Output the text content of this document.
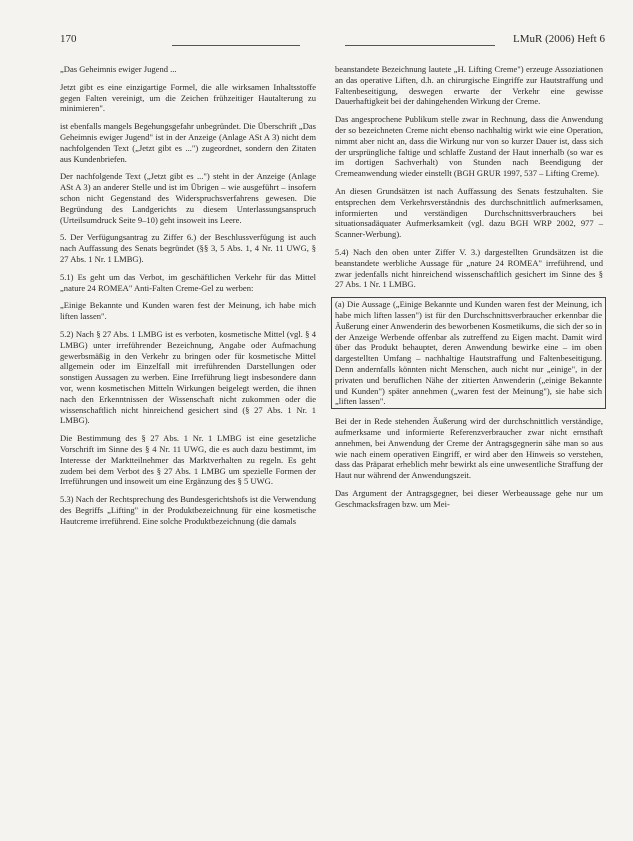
170	LMuR (2006) Heft 6

„Das Geheimnis ewiger Jugend ...

Jetzt gibt es eine einzigartige Formel, die alle wirksamen Inhaltsstoffe gegen Falten vereinigt, um die Zeichen frühzeitiger Hautalterung zu minimieren".

ist ebenfalls mangels Begehungsgefahr unbegründet. Die Überschrift „Das Geheimnis ewiger Jugend" ist in der Anzeige (Anlage ASt A 3) nicht dem nachfolgenden Text („Jetzt gibt es ...") zugeordnet, sondern den Zitaten aus Kundenbriefen.

Der nachfolgende Text („Jetzt gibt es ...") steht in der Anzeige (Anlage ASt A 3) an anderer Stelle und ist im Übrigen – wie ausgeführt – insofern schon nicht Gegenstand des Widerspruchsverfahrens gewesen. Die Begründung des Landgerichts zu diesem Unterlassungsanspruch (Urteilsumdruck Seite 9–10) geht insoweit ins Leere.

5. Der Verfügungsantrag zu Ziffer 6.) der Beschlussverfügung ist auch nach Auffassung des Senats begründet (§§ 3, 5 Abs. 1, 4 Nr. 11 UWG, § 27 Abs. 1 Nr. 1 LMBG).

5.1) Es geht um das Verbot, im geschäftlichen Verkehr für das Mittel „nature 24 ROMEA" Anti-Falten Creme-Gel zu werben:

„Einige Bekannte und Kunden waren fest der Meinung, ich habe mich liften lassen".

5.2) Nach § 27 Abs. 1 LMBG ist es verboten, kosmetische Mittel (vgl. § 4 LMBG) unter irreführender Bezeichnung, Angabe oder Aufmachung gewerbsmäßig in den Verkehr zu bringen oder für kosmetische Mittel allgemein oder im Einzelfall mit irreführenden Darstellungen oder sonstigen Aussagen zu werben. Eine Irreführung liegt insbesondere dann vor, wenn kosmetischen Mitteln Wirkungen beigelegt werden, die ihnen nach den Erkenntnissen der Wissenschaft nicht zukommen oder die wissenschaftlich nicht hinreichend gesichert sind (§ 27 Abs. 1 Nr. 1 LMBG).

Die Bestimmung des § 27 Abs. 1 Nr. 1 LMBG ist eine gesetzliche Vorschrift im Sinne des § 4 Nr. 11 UWG, die es auch dazu bestimmt, im Interesse der Marktteilnehmer das Marktverhalten zu regeln. Es geht zudem bei dem Verbot des § 27 Abs. 1 LMBG um spezielle Formen der Irreführungen und insoweit um eine Ergänzung des § 5 UWG.

5.3) Nach der Rechtsprechung des Bundesgerichtshofs ist die Verwendung des Begriffs „Lifting" in der Produktbezeichnung für eine kosmetische Hautcreme irreführend. Eine solche Produktbezeichnung (die damals

beanstandete Bezeichnung lautete „H. Lifting Creme") erzeuge Assoziationen an das operative Liften, d.h. an chirurgische Eingriffe zur Hautstraffung und Faltenbeseitigung, deswegen erwarte der Verkehr eine gewisse Dauerhaftigkeit bei der dahingehenden Wirkung der Creme.

Das angesprochene Publikum stelle zwar in Rechnung, dass die Anwendung der so bezeichneten Creme nicht ebenso nachhaltig wirkt wie eine Operation, nimmt aber nicht an, dass die Wirkung nur von so kurzer Dauer ist, dass sich der ursprüngliche faltige und schlaffe Zustand der Haut innerhalb (so war es im dortigen Sachverhalt) von Stunden nach Beendigung der Cremeanwendung wieder einstellt (BGH GRUR 1997, 537 – Lifting Creme).

An diesen Grundsätzen ist nach Auffassung des Senats festzuhalten. Sie entsprechen dem Verkehrsverständnis des durchschnittlich aufmerksamen, informierten und verständigen Durchschnittsverbrauchers bei situationsadäquater Aufmerksamkeit (vgl. dazu BGH WRP 2002, 977 – Scanner-Werbung).

5.4) Nach den oben unter Ziffer V. 3.) dargestellten Grundsätzen ist die beanstandete werbliche Aussage für „nature 24 ROMEA" irreführend, und zwar jedenfalls nicht hinreichend wissenschaftlich gesichert im Sinne des § 27 Abs. 1 Nr. 1 LMBG.

(a) Die Aussage („Einige Bekannte und Kunden waren fest der Meinung, ich habe mich liften lassen") ist für den Durchschnittsverbraucher erkennbar die Äußerung einer Anwenderin des beworbenen Kosmetikums, die sich der so in der Anzeige Werbende offenbar als zutreffend zu Eigen macht. Damit wird über das Produkt behauptet, deren Anwendung bewirke eine – im oben dargestellten Umfang – nachhaltige Hautstraffung und Faltenbeseitigung. Denn andernfalls könnten nicht Menschen, auch nicht nur „einige", in der privaten und beruflichen Nähe der zitierten Anwenderin („einige Bekannte und Kunden") später annehmen („waren fest der Meinung"), sie habe sich „liften lassen".

Bei der in Rede stehenden Äußerung wird der durchschnittlich verständige, aufmerksame und informierte Referenzverbraucher zwar nicht ernsthaft annehmen, bei Anwendung der Creme der Antragsgegnerin sähe man so aus wie nach einem operativen Eingriff, er wird aber den Hinweis so verstehen, dass das Präparat erheblich mehr bewirkt als eine unwesentliche Straffung der Haut nur während der Anwendungszeit.

Das Argument der Antragsgegner, bei dieser Werbeaussage gehe nur um Geschmacksfragen bzw. um Mei-
